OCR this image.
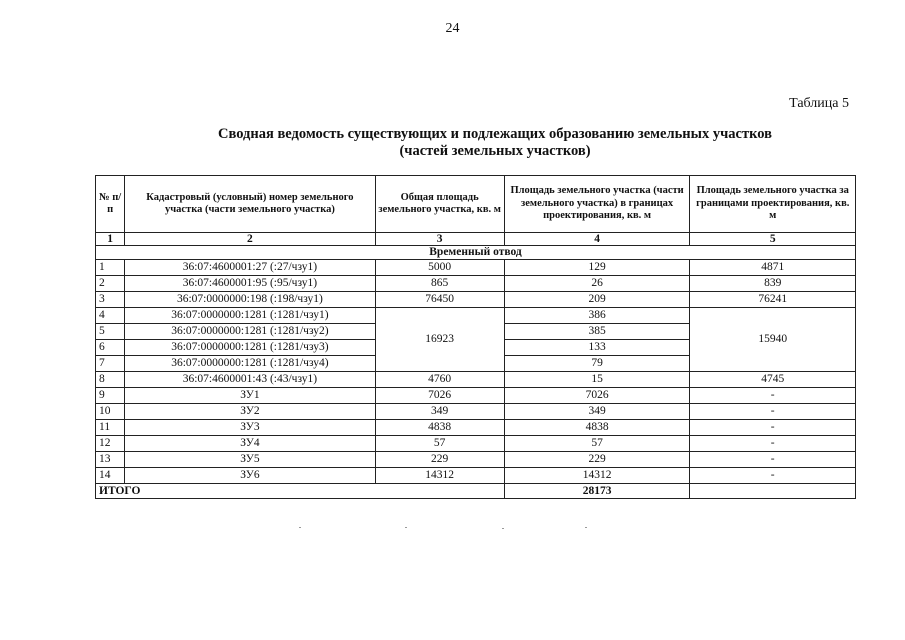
24
Таблица 5
Сводная ведомость существующих и подлежащих образованию земельных участков
(частей земельных участков)
№ п/п	Кадастровый (условный) номер земельного участка (части земельного участка)	Общая площадь земельного участка, кв. м	Площадь земельного участка (части земельного участка) в границах проектирования, кв. м	Площадь земельного участка за границами проектирования, кв. м
1	2	3	4	5
Временный отвод				
1	36:07:4600001:27 (:27/чзу1)	5000	129	4871
2	36:07:4600001:95 (:95/чзу1)	865	26	839
3	36:07:0000000:198 (:198/чзу1)	76450	209	76241
4	36:07:0000000:1281 (:1281/чзу1)	16923	386	15940
5	36:07:0000000:1281 (:1281/чзу2)		385	
6	36:07:0000000:1281 (:1281/чзу3)		133	
7	36:07:0000000:1281 (:1281/чзу4)		79	
8	36:07:4600001:43 (:43/чзу1)	4760	15	4745
9	ЗУ1	7026	7026	-
10	ЗУ2	349	349	-
11	ЗУ3	4838	4838	-
12	ЗУ4	57	57	-
13	ЗУ5	229	229	-
14	ЗУ6	14312	14312	-
ИТОГО			28173	
